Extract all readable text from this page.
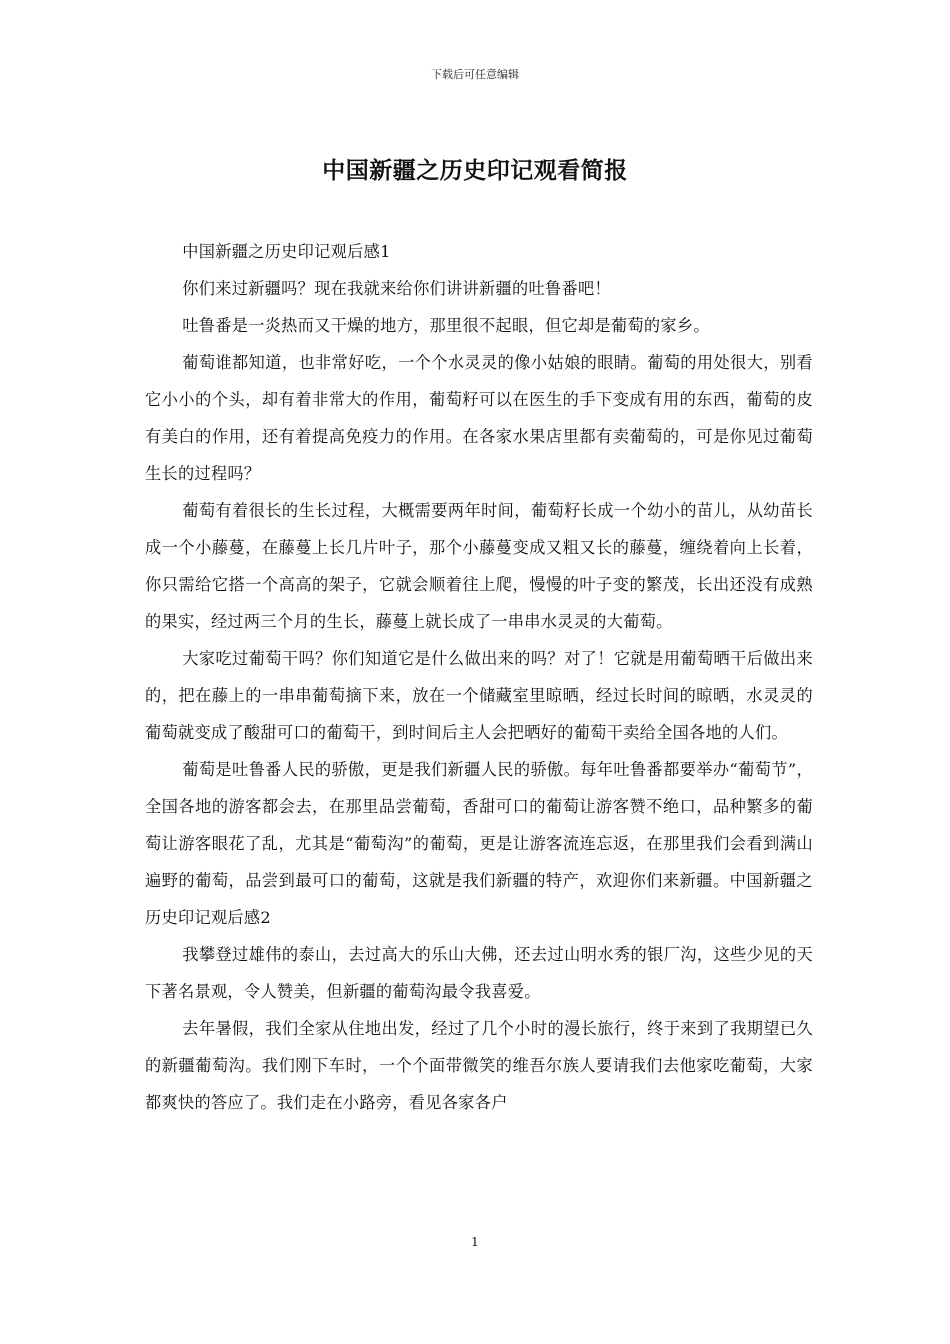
下载后可任意编辑
中国新疆之历史印记观看简报

中国新疆之历史印记观后感1

你们来过新疆吗？现在我就来给你们讲讲新疆的吐鲁番吧！

吐鲁番是一炎热而又干燥的地方，那里很不起眼，但它却是葡萄的家乡。

葡萄谁都知道，也非常好吃，一个个水灵灵的像小姑娘的眼睛。葡萄的用处很大，别看它小小的个头，却有着非常大的作用，葡萄籽可以在医生的手下变成有用的东西，葡萄的皮有美白的作用，还有着提高免疫力的作用。在各家水果店里都有卖葡萄的，可是你见过葡萄生长的过程吗？

葡萄有着很长的生长过程，大概需要两年时间，葡萄籽长成一个幼小的苗儿，从幼苗长成一个小藤蔓，在藤蔓上长几片叶子，那个小藤蔓变成又粗又长的藤蔓，缠绕着向上长着，你只需给它搭一个高高的架子，它就会顺着往上爬，慢慢的叶子变的繁茂，长出还没有成熟的果实，经过两三个月的生长，藤蔓上就长成了一串串水灵灵的大葡萄。

大家吃过葡萄干吗？你们知道它是什么做出来的吗？对了！它就是用葡萄晒干后做出来的，把在藤上的一串串葡萄摘下来，放在一个储藏室里晾晒，经过长时间的晾晒，水灵灵的葡萄就变成了酸甜可口的葡萄干，到时间后主人会把晒好的葡萄干卖给全国各地的人们。

葡萄是吐鲁番人民的骄傲，更是我们新疆人民的骄傲。每年吐鲁番都要举办“葡萄节”，全国各地的游客都会去，在那里品尝葡萄，香甜可口的葡萄让游客赞不绝口，品种繁多的葡萄让游客眼花了乱，尤其是“葡萄沟”的葡萄，更是让游客流连忘返，在那里我们会看到满山遍野的葡萄，品尝到最可口的葡萄，这就是我们新疆的特产，欢迎你们来新疆。中国新疆之历史印记观后感2

我攀登过雄伟的泰山，去过高大的乐山大佛，还去过山明水秀的银厂沟，这些少见的天下著名景观，令人赞美，但新疆的葡萄沟最令我喜爱。

去年暑假，我们全家从住地出发，经过了几个小时的漫长旅行，终于来到了我期望已久的新疆葡萄沟。我们刚下车时，一个个面带微笑的维吾尔族人要请我们去他家吃葡萄，大家都爽快的答应了。我们走在小路旁，看见各家各户

1
